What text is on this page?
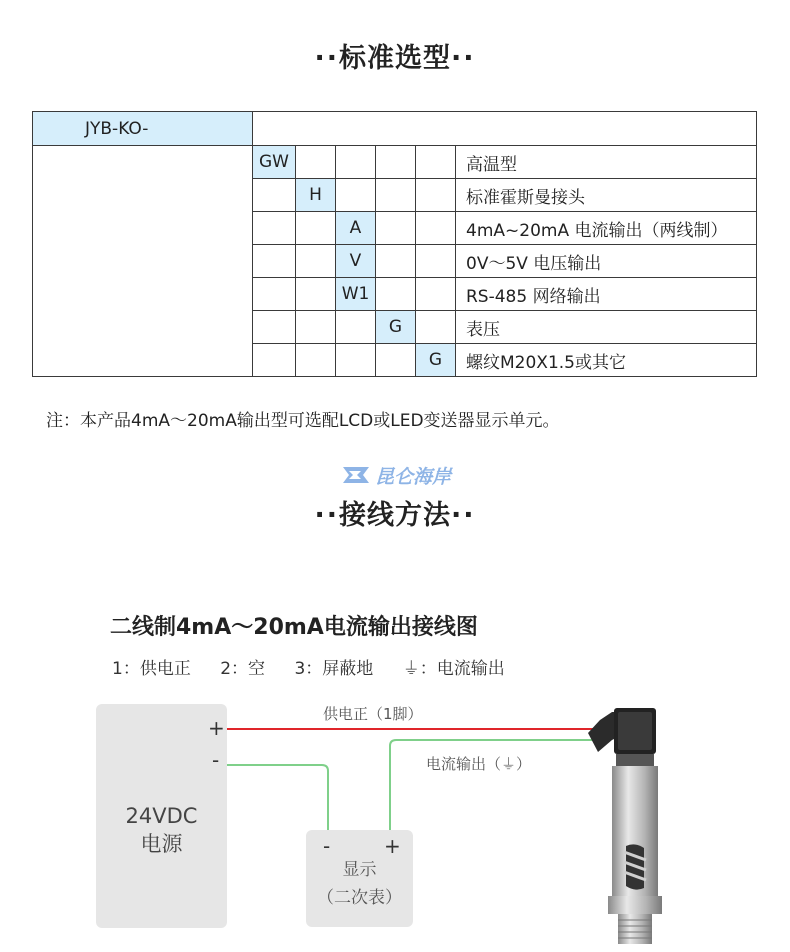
··标准选型··
JYB-KO-						
	GW					高温型
		H				标准霍斯曼接头
			A			4mA~20mA 电流输出（两线制）
			V			0V～5V 电压输出
			W1			RS-485 网络输出
				G		表压
					G	螺纹M20X1.5或其它
注：本产品4mA～20mA输出型可选配LCD或LED变送器显示单元。
昆仑海岸
··接线方法··
二线制4mA～20mA电流输出接线图
1：供电正 2：空 3：屏蔽地 ⏚：电流输出
供电正（1脚）
电流输出（⏚）
+
-
24VDC
电源	-	+
显示
（二次表）
